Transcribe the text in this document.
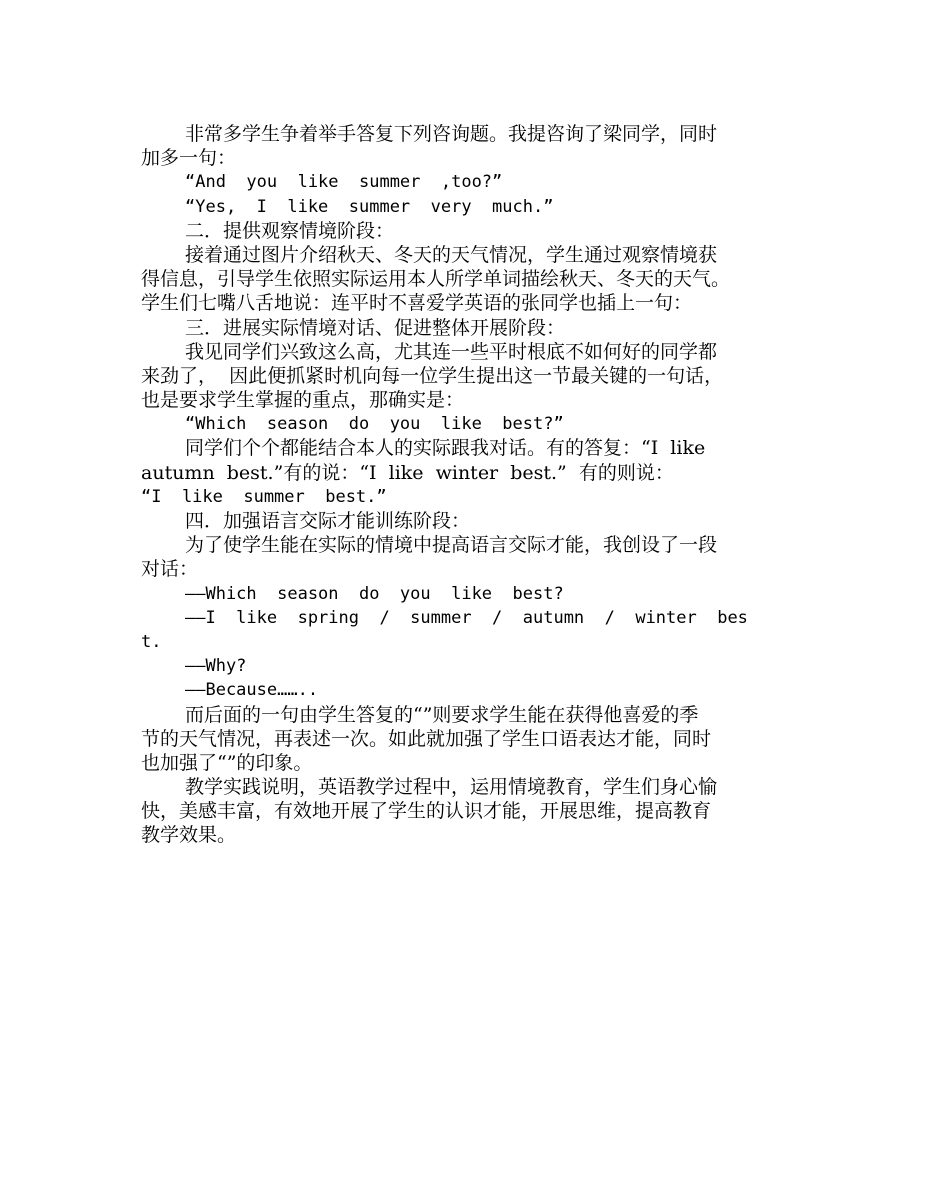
非常多学生争着举手答复下列咨询题。我提咨询了梁同学，同时
加多一句：
“And  you  like  summer  ,too?”
“Yes,  I  like  summer  very  much.”
二．提供观察情境阶段：
接着通过图片介绍秋天、冬天的天气情况，学生通过观察情境获
得信息，引导学生依照实际运用本人所学单词描绘秋天、冬天的天气。
学生们七嘴八舌地说：连平时不喜爱学英语的张同学也插上一句：
三．进展实际情境对话、促进整体开展阶段：
我见同学们兴致这么高，尤其连一些平时根底不如何好的同学都
来劲了，  因此便抓紧时机向每一位学生提出这一节最关键的一句话，
也是要求学生掌握的重点，那确实是：
“Which  season  do  you  like  best?”
同学们个个都能结合本人的实际跟我对话。有的答复：“I  like
autumn  best.”有的说：“I  like  winter  best.”  有的则说：
“I  like  summer  best.”
四．加强语言交际才能训练阶段：
为了使学生能在实际的情境中提高语言交际才能，我创设了一段
对话：
——Which  season  do  you  like  best?
——I  like  spring  /  summer  /  autumn  /  winter  bes
t.
——Why?
——Because……..
而后面的一句由学生答复的“”则要求学生能在获得他喜爱的季
节的天气情况，再表述一次。如此就加强了学生口语表达才能，同时
也加强了“”的印象。
教学实践说明，英语教学过程中，运用情境教育，学生们身心愉
快，美感丰富，有效地开展了学生的认识才能，开展思维，提高教育
教学效果。
